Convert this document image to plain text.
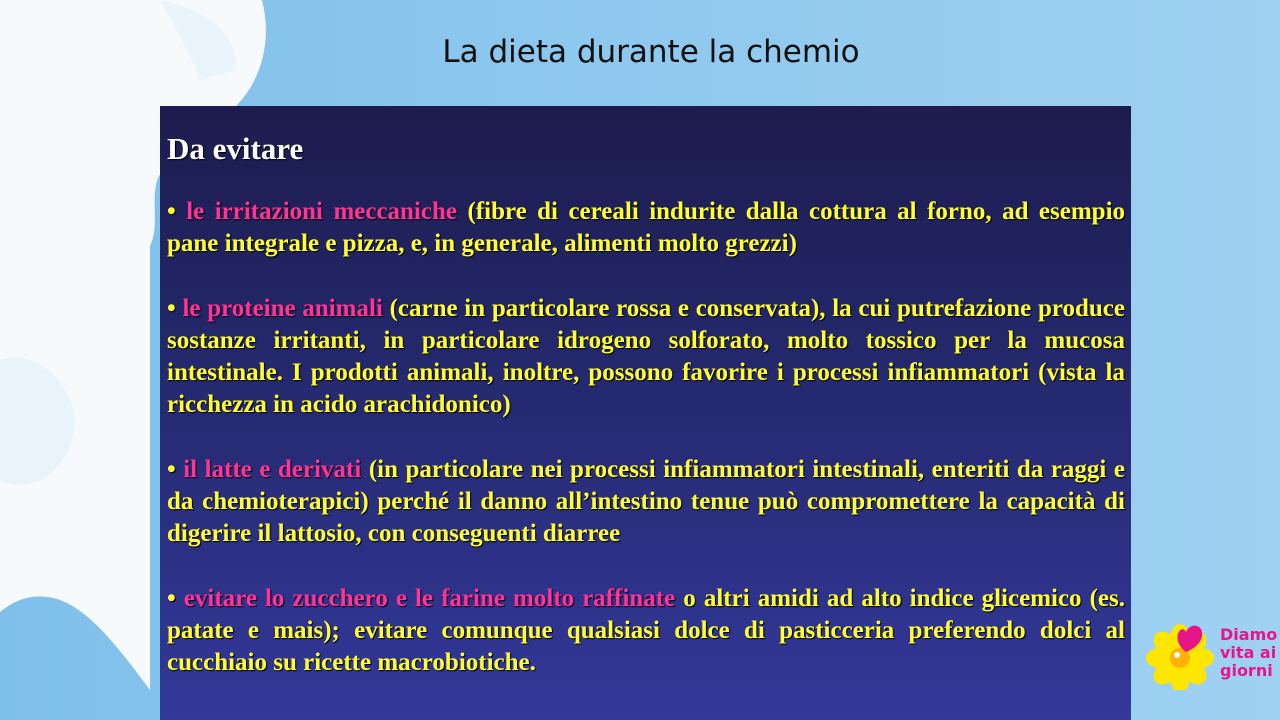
La dieta durante la chemio
Da evitare
• le irritazioni meccaniche (fibre di cereali indurite dalla cottura al forno, ad esempio pane integrale e pizza, e, in generale, alimenti molto grezzi)
• le proteine animali (carne in particolare rossa e conservata), la cui putrefazione produce sostanze irritanti, in particolare idrogeno solforato, molto tossico per la mucosa intestinale. I prodotti animali, inoltre, possono favorire i processi infiammatori (vista la ricchezza in acido arachidonico)
• il latte e derivati (in particolare nei processi infiammatori intestinali, enteriti da raggi e da chemioterapici) perché il danno all’intestino tenue può compromettere la capacità di digerire il lattosio, con conseguenti diarree
• evitare lo zucchero e le farine molto raffinate o altri amidi ad alto indice glicemico (es. patate e mais); evitare comunque qualsiasi dolce di pasticceria preferendo dolci al cucchiaio su ricette macrobiotiche.
Diamo
vita ai
giorni
